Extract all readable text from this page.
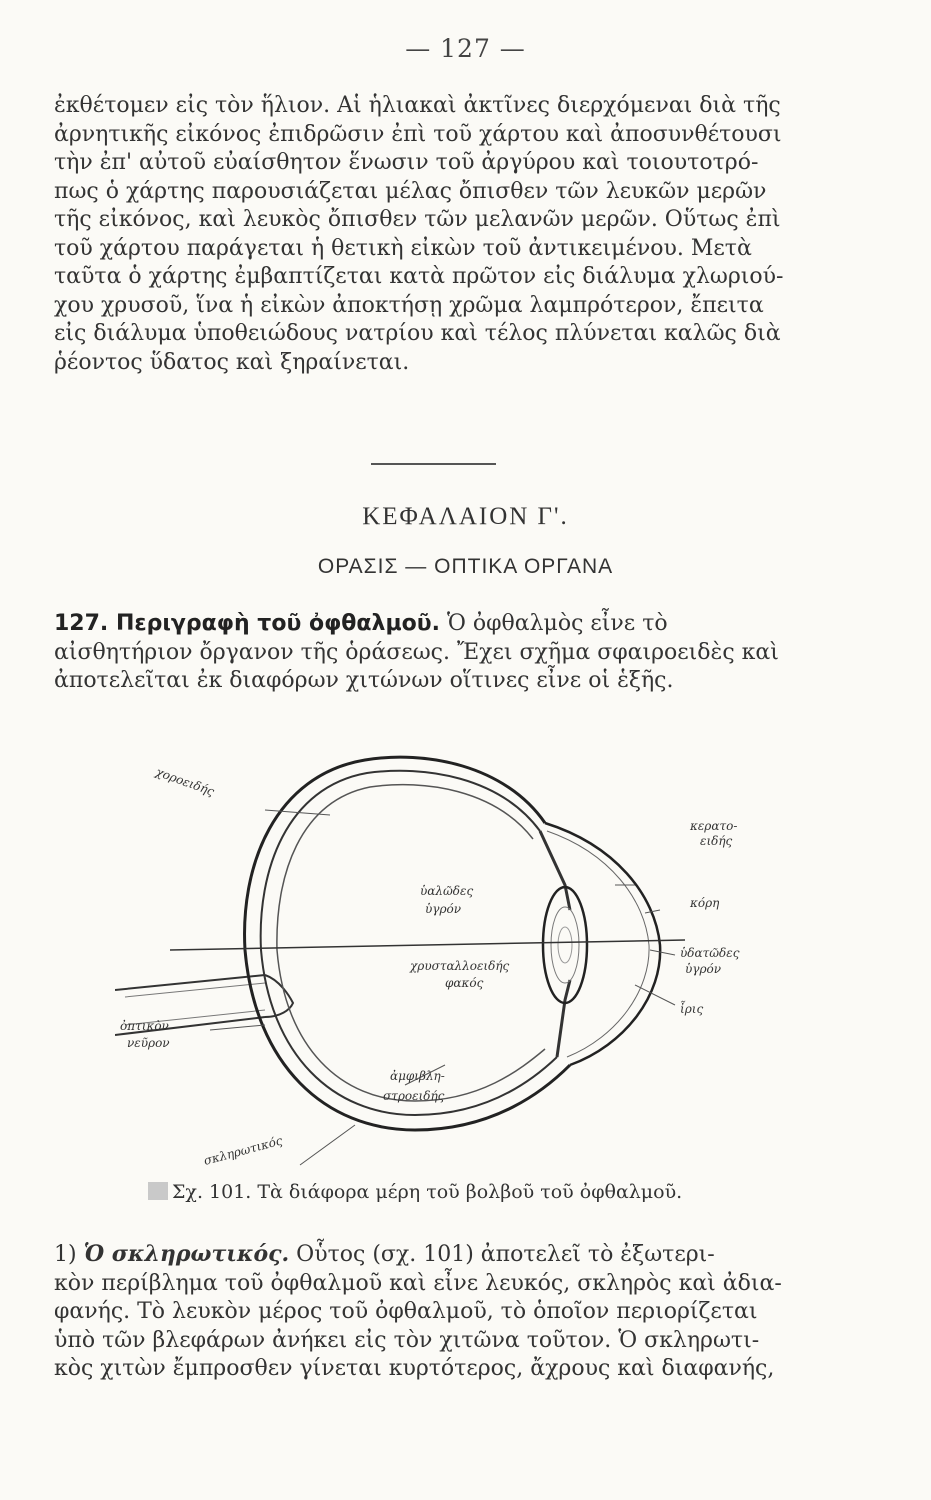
— 127 —
ἐκθέτομεν εἰς τὸν ἥλιον. Αἱ ἡλιακαὶ ἀκτῖνες διερχόμεναι διὰ τῆς
ἀρνητικῆς εἰκόνος ἐπιδρῶσιν ἐπὶ τοῦ χάρτου καὶ ἀποσυνθέτουσι
τὴν ἐπ' αὐτοῦ εὐαίσθητον ἕνωσιν τοῦ ἀργύρου καὶ τοιουτοτρό-
πως ὁ χάρτης παρουσιάζεται μέλας ὄπισθεν τῶν λευκῶν μερῶν
τῆς εἰκόνος, καὶ λευκὸς ὄπισθεν τῶν μελανῶν μερῶν. Οὕτως ἐπὶ
τοῦ χάρτου παράγεται ἡ θετικὴ εἰκὼν τοῦ ἀντικειμένου. Μετὰ
ταῦτα ὁ χάρτης ἐμβαπτίζεται κατὰ πρῶτον εἰς διάλυμα χλωριού-
χου χρυσοῦ, ἵνα ἡ εἰκὼν ἀποκτήσῃ χρῶμα λαμπρότερον, ἔπειτα
εἰς διάλυμα ὑποθειώδους νατρίου καὶ τέλος πλύνεται καλῶς διὰ
ῥέοντος ὕδατος καὶ ξηραίνεται.
ΚΕΦΑΛΑΙΟΝ Γ'.
ΟΡΑΣΙΣ — ΟΠΤΙΚΑ ΟΡΓΑΝΑ
127. Περιγραφὴ τοῦ ὀφθαλμοῦ. Ὁ ὀφθαλμὸς εἶνε τὸ
αἰσθητήριον ὄργανον τῆς ὁράσεως. Ἔχει σχῆμα σφαιροειδὲς καὶ
ἀποτελεῖται ἐκ διαφόρων χιτώνων οἵτινες εἶνε οἱ ἑξῆς.
χοροειδής
κερατο-
ειδής
κόρη
ὑαλῶδες
ὑγρόν
χρυσταλλοειδής
φακός
ὑδατῶδες
ὑγρόν
ἶρις
ὀπτικὸν
νεῦρον
ἀμφιβλη-
στροειδής
σκληρωτικός
Σχ. 101. Τὰ διάφορα μέρη τοῦ βολβοῦ τοῦ ὀφθαλμοῦ.
1) Ὁ σκληρωτικός. Οὗτος (σχ. 101) ἀποτελεῖ τὸ ἐξωτερι-
κὸν περίβλημα τοῦ ὀφθαλμοῦ καὶ εἶνε λευκός, σκληρὸς καὶ ἀδια-
φανής. Τὸ λευκὸν μέρος τοῦ ὀφθαλμοῦ, τὸ ὁποῖον περιορίζεται
ὑπὸ τῶν βλεφάρων ἀνήκει εἰς τὸν χιτῶνα τοῦτον. Ὁ σκληρωτι-
κὸς χιτὼν ἔμπροσθεν γίνεται κυρτότερος, ἄχρους καὶ διαφανής,
